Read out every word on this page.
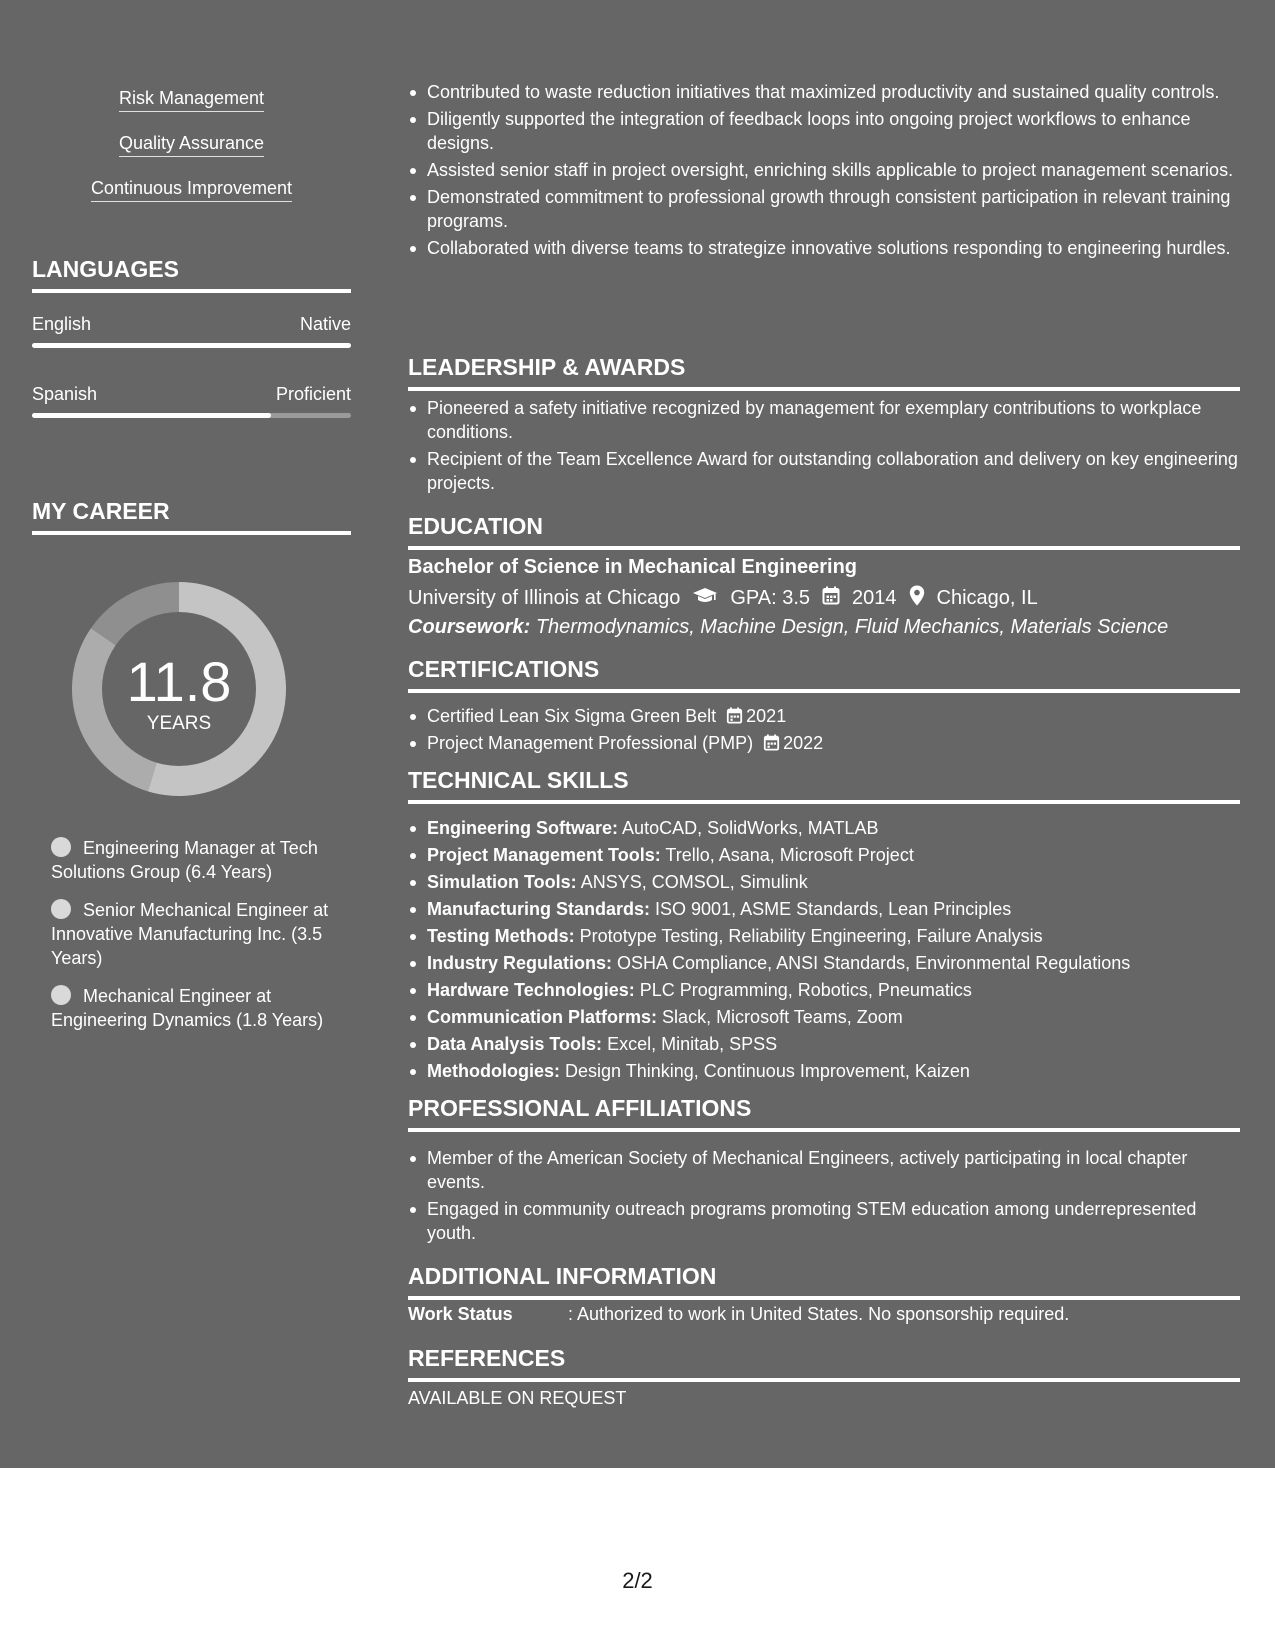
Risk Management
Quality Assurance
Continuous Improvement
LANGUAGES
English	Native
Spanish	Proficient
MY CAREER
11.8
YEARS
Engineering Manager at Tech Solutions Group (6.4 Years)
Senior Mechanical Engineer at Innovative Manufacturing Inc. (3.5 Years)
Mechanical Engineer at Engineering Dynamics (1.8 Years)
Contributed to waste reduction initiatives that maximized productivity and sustained quality controls.
Diligently supported the integration of feedback loops into ongoing project workflows to enhance designs.
Assisted senior staff in project oversight, enriching skills applicable to project management scenarios.
Demonstrated commitment to professional growth through consistent participation in relevant training programs.
Collaborated with diverse teams to strategize innovative solutions responding to engineering hurdles.
LEADERSHIP & AWARDS
Pioneered a safety initiative recognized by management for exemplary contributions to workplace conditions.
Recipient of the Team Excellence Award for outstanding collaboration and delivery on key engineering projects.
EDUCATION
Bachelor of Science in Mechanical Engineering
University of Illinois at Chicago	GPA: 3.5 2014 Chicago, IL
Coursework: Thermodynamics, Machine Design, Fluid Mechanics, Materials Science
CERTIFICATIONS
Certified Lean Six Sigma Green Belt 2021
Project Management Professional (PMP) 2022
TECHNICAL SKILLS
Engineering Software: AutoCAD, SolidWorks, MATLAB
Project Management Tools: Trello, Asana, Microsoft Project
Simulation Tools: ANSYS, COMSOL, Simulink
Manufacturing Standards: ISO 9001, ASME Standards, Lean Principles
Testing Methods: Prototype Testing, Reliability Engineering, Failure Analysis
Industry Regulations: OSHA Compliance, ANSI Standards, Environmental Regulations
Hardware Technologies: PLC Programming, Robotics, Pneumatics
Communication Platforms: Slack, Microsoft Teams, Zoom
Data Analysis Tools: Excel, Minitab, SPSS
Methodologies: Design Thinking, Continuous Improvement, Kaizen
PROFESSIONAL AFFILIATIONS
Member of the American Society of Mechanical Engineers, actively participating in local chapter events.
Engaged in community outreach programs promoting STEM education among underrepresented youth.
ADDITIONAL INFORMATION
Work Status	: Authorized to work in United States. No sponsorship required.
REFERENCES
AVAILABLE ON REQUEST
2/2
